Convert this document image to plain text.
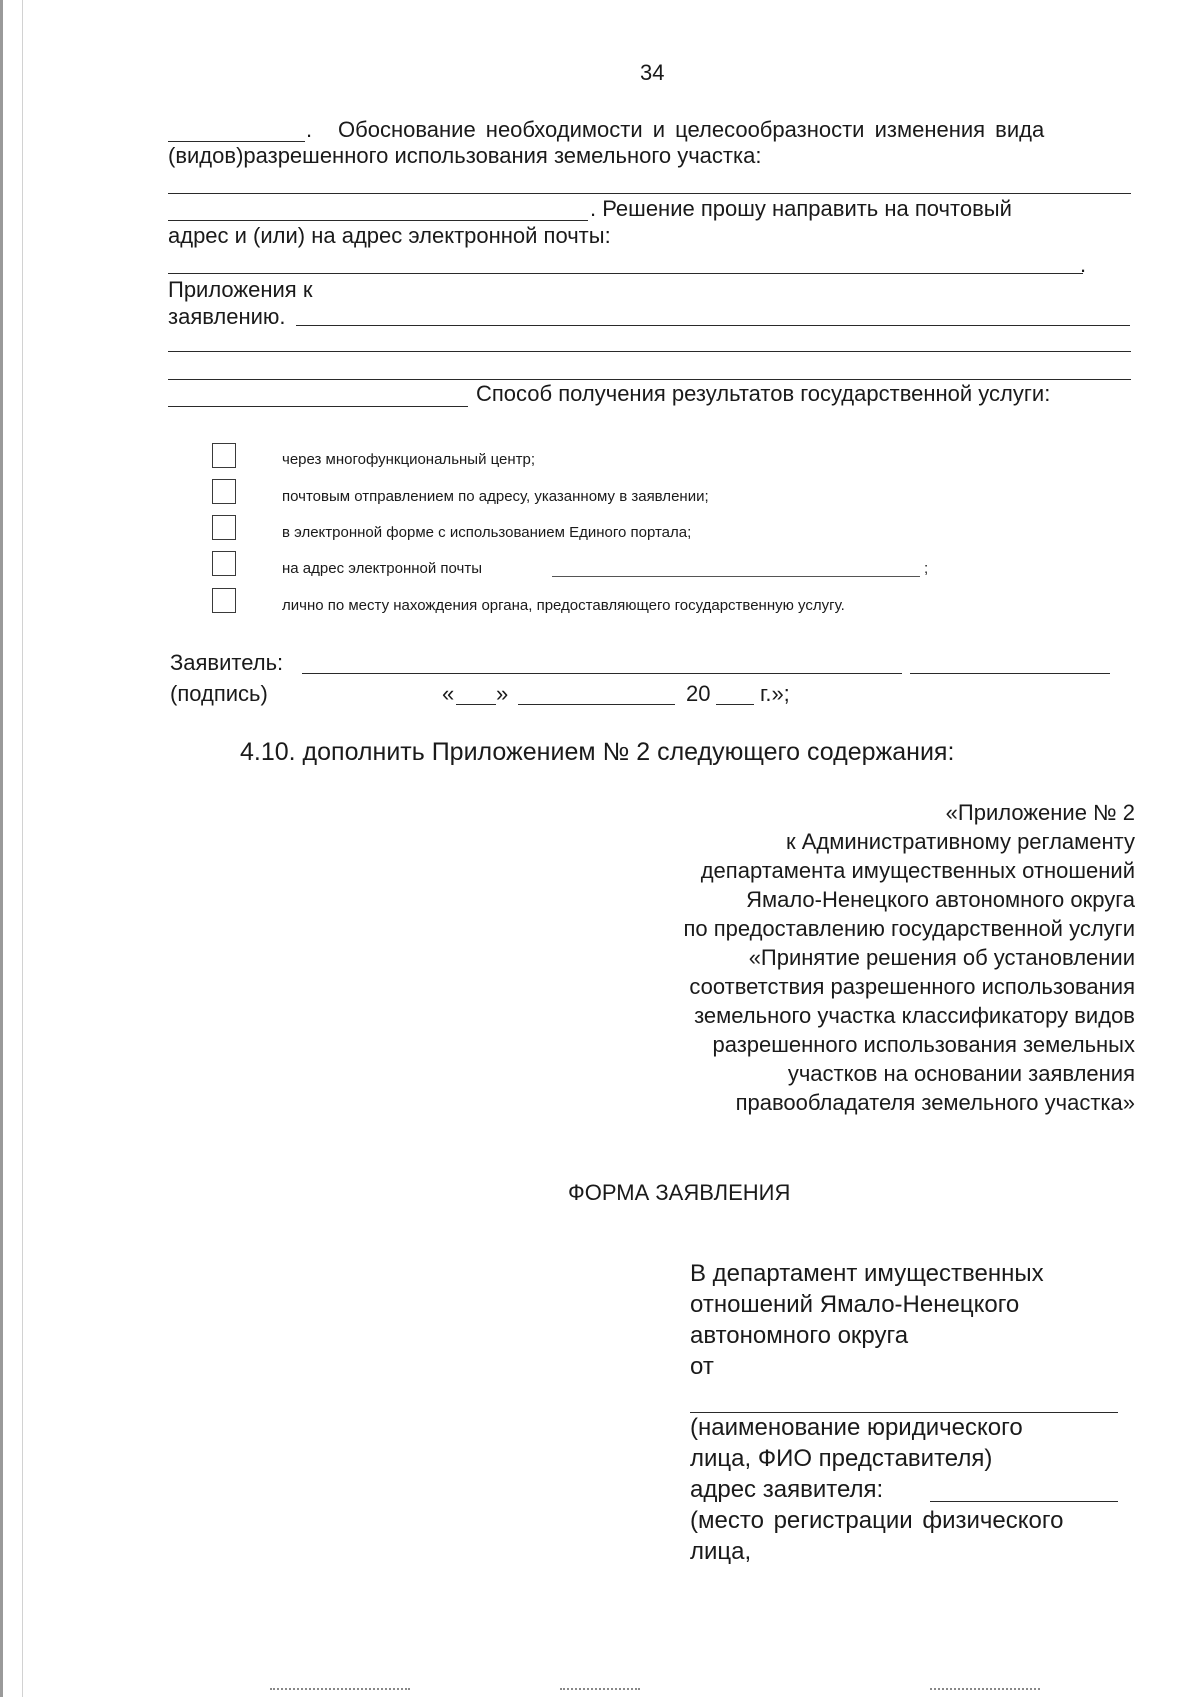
34
. Обоснование необходимости и целесообразности изменения вида
(видов)разрешенного использования земельного участка:
. Решение прошу направить на почтовый
адрес и (или) на адрес электронной почты:
.
Приложения к
заявлению.
Способ получения результатов государственной услуги:
через многофункциональный центр;
почтовым отправлением по адресу, указанному в заявлении;
в электронной форме с использованием Единого портала;
на адрес электронной почты	;
лично по месту нахождения органа, предоставляющего государственную услугу.
Заявитель:
(подпись)	« »	20 г.»;
4.10. дополнить Приложением № 2 следующего содержания:
«Приложение № 2
к Административному регламенту
департамента имущественных отношений
Ямало-Ненецкого автономного округа
по предоставлению государственной услуги
«Принятие решения об установлении
соответствия разрешенного использования
земельного участка классификатору видов
разрешенного использования земельных
участков на основании заявления
правообладателя земельного участка»
ФОРМА ЗАЯВЛЕНИЯ
В департамент имущественных
отношений Ямало-Ненецкого
автономного округа
от
(наименование юридического
лица, ФИО представителя)
адрес заявителя:
(место регистрации физического
лица,
